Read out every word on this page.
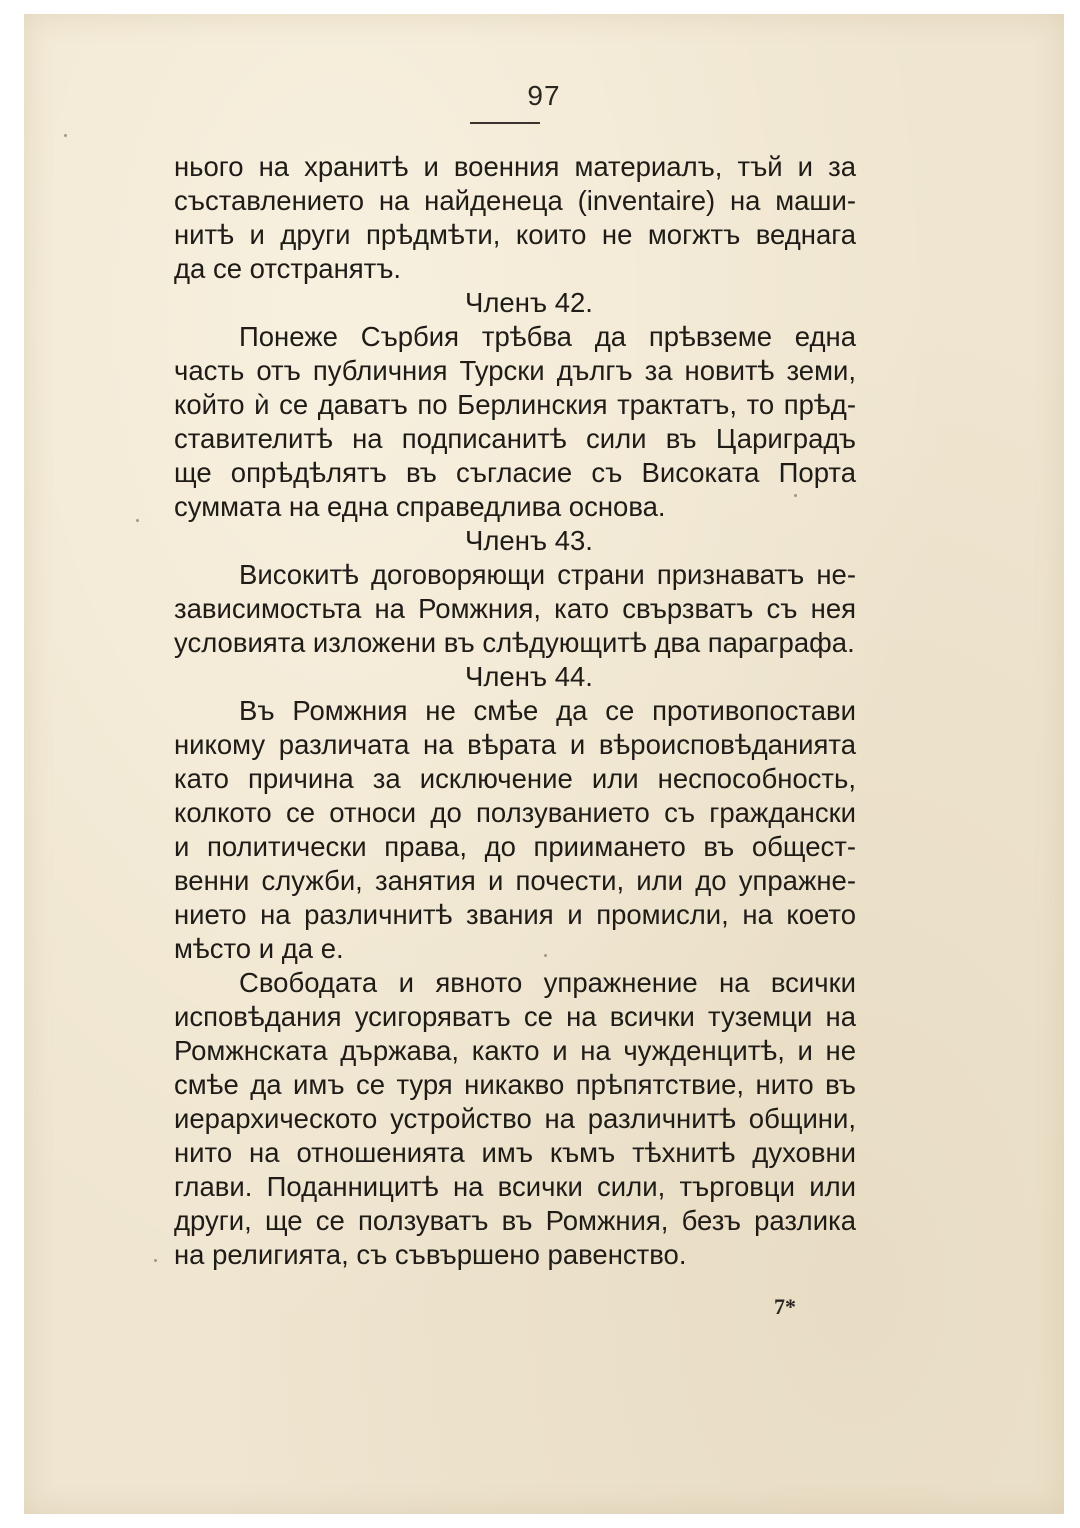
97
нього на хранитѣ и военния материалъ, тъй и за
съставлението на найденеца (inventaire) на маши-
нитѣ и други прѣдмѣти, които не могжтъ веднага
да се отстранятъ.
Членъ 42.
Понеже Сърбия трѣбва да прѣвземе една
часть отъ публичния Турски дългъ за новитѣ земи,
който ѝ се даватъ по Берлинския трактатъ, то прѣд-
ставителитѣ на подписанитѣ сили въ Цариградъ
ще опрѣдѣлятъ въ съгласие съ Високата Порта
суммата на една справедлива основа.
Членъ 43.
Високитѣ договоряющи страни признаватъ не-
зависимостьта на Ромжния, като свързватъ съ нея
условията изложени въ слѣдующитѣ два параграфа.
Членъ 44.
Въ Ромжния не смѣе да се противопостави
никому различата на вѣрата и вѣроисповѣданията
като причина за исключение или неспособность,
колкото се относи до ползуванието съ граждански
и политически права, до приимането въ общест-
венни служби, занятия и почести, или до упражне-
нието на различнитѣ звания и промисли, на което
мѣсто и да е.
Свободата и явното упражнение на всички
исповѣдания усигоряватъ се на всички туземци на
Ромжнската държава, както и на чужденцитѣ, и не
смѣе да имъ се туря никакво прѣпятствие, нито въ
иерархическото устройство на различнитѣ общини,
нито на отношенията имъ къмъ тѣхнитѣ духовни
глави. Поданницитѣ на всички сили, търговци или
други, ще се ползуватъ въ Ромжния, безъ разлика
на религията, съ съвършено равенство.
7*
